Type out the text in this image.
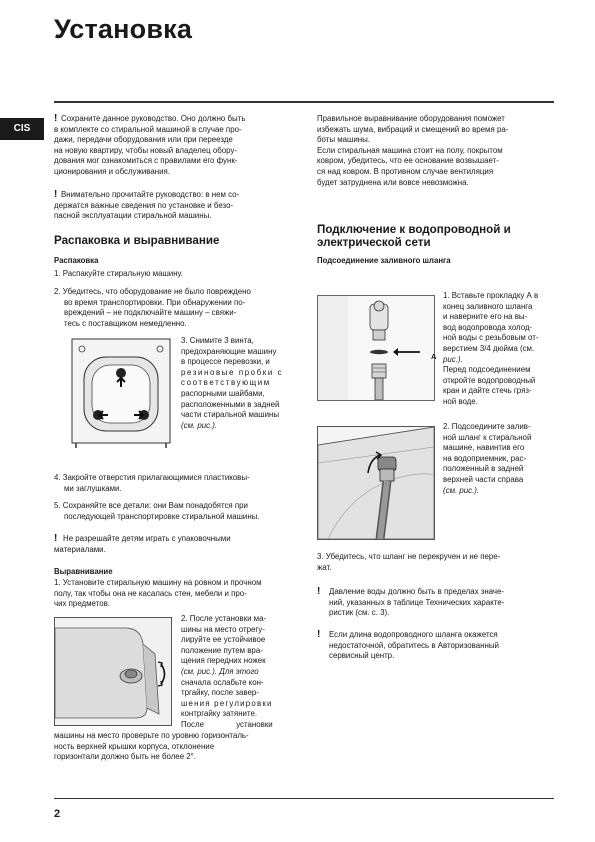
Установка
CIS
! Сохраните данное руководство. Оно должно быть
в комплекте со стиральной машиной в случае про-
дажи, передачи оборудования или при переезде
на новую квартиру, чтобы новый владелец обору-
дования мог ознакомиться с правилами его функ-
ционирования и обслуживания.
! Внимательно прочитайте руководство: в нем со-
держатся важные сведения по установке и безо-
пасной эксплуатации стиральной машины.
Распаковка и выравнивание
Распаковка
1. Распакуйте стиральную машину.
2. Убедитесь, что оборудование не было повреждено
во время транспортировки. При обнаружении по-
вреждений – не подключайте машину – свяжи-
тесь с поставщиком немедленно.
3. Снимите 3 винта,
предохраняющие машину
в процессе перевозки, и
резиновые пробки с
соответствующим
распорными шайбами,
расположенными в задней
части стиральной машины
(см. рис.).
4. Закройте отверстия прилагающимися пластиковы-
ми заглушками.
5. Сохраняйте все детали: они Вам понадобятся при
последующей транспортировке стиральной машины.
! Не разрешайте детям играть с упаковочными
материалами.
Выравнивание
1. Установите стиральную машину на ровном и прочном
полу, так чтобы она не касалась стен, мебели и про-
чих предметов.
2. После установки ма-
шины на место отрегу-
лируйте ее устойчивое
положение путем вра-
щения передних ножек
(см. рис.). Для этого
сначала ослабьте кон-
тргайку, после завер-
шения регулировки
контргайку затяните.
После установки
машины на место проверьте по уровню горизонталь-
ность верхней крышки корпуса, отклонение
горизонтали должно быть не более 2°.
Правильное выравнивание оборудования поможет
избежать шума, вибраций и смещений во время ра-
боты машины.
Если стиральная машина стоит на полу, покрытом
ковром, убедитесь, что ее основание возвышает-
ся над ковром. В противном случае вентиляция
будет затруднена или вовсе невозможна.
Подключение к водопроводной и
электрической сети
Подсоединение заливного шланга
A
1. Вставьте прокладку А в
конец заливного шланга
и наверните его на вы-
вод водопровода холод-
ной воды с резьбовым от-
верстием 3/4 дюйма (см.
рис.).
Перед подсоединением
откройте водопроводный
кран и дайте стечь гряз-
ной воде.
2. Подсоедините залив-
ной шланг к стиральной
машине, навинтив его
на водоприемник, рас-
положенный в задней
верхней части справа
(см. рис.).
3. Убедитесь, что шланг не перекручен и не пере-
жат.
! Давление воды должно быть в пределах значе-
ний, указанных в таблице Технических характе-
ристик (см. с. 3).
! Если длина водопроводного шланга окажется
недостаточной, обратитесь в Авторизованный
сервисный центр.
2
